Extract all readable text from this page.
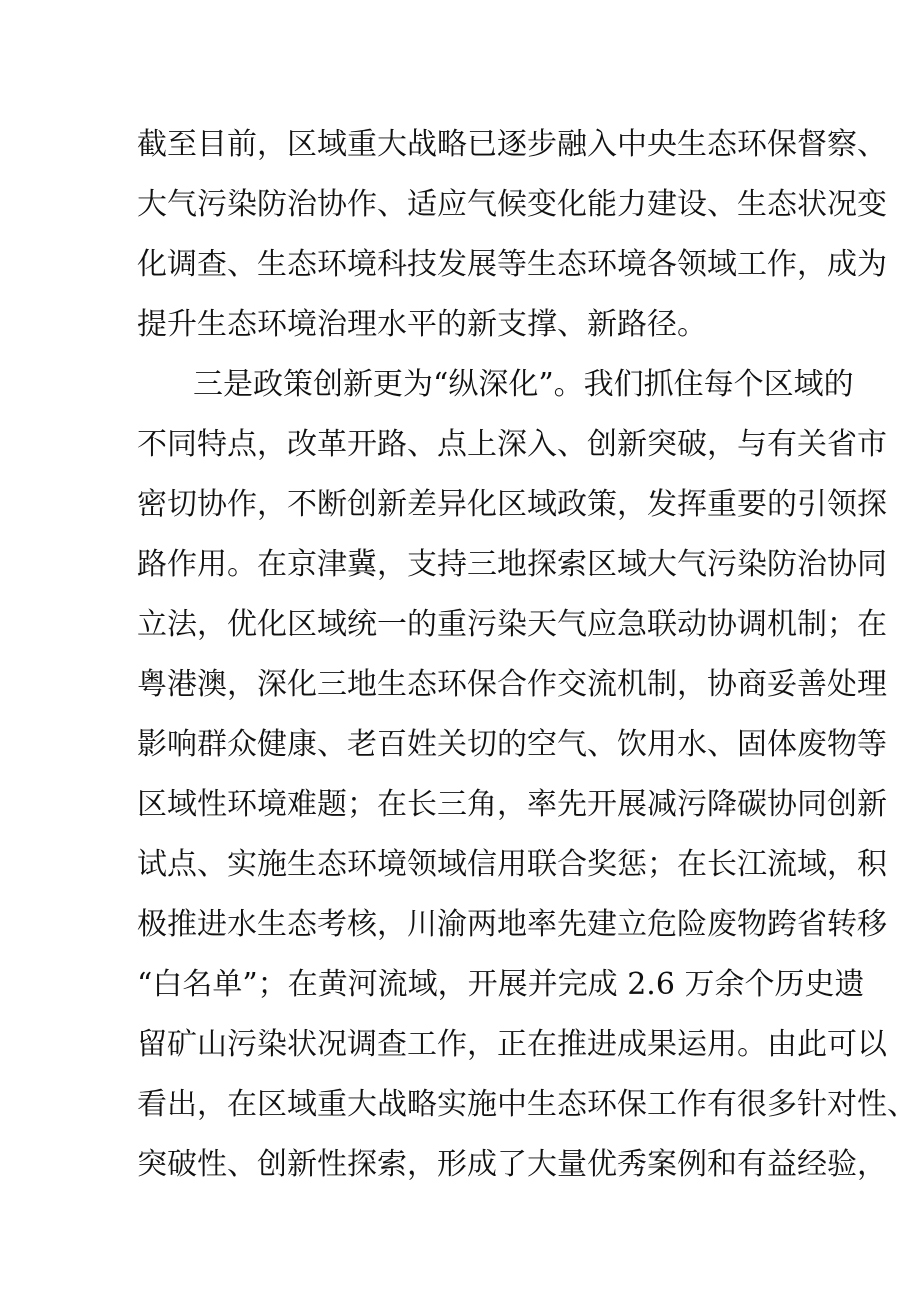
截至目前，区域重大战略已逐步融入中央生态环保督察、
大气污染防治协作、适应气候变化能力建设、生态状况变
化调查、生态环境科技发展等生态环境各领域工作，成为
提升生态环境治理水平的新支撑、新路径。
三是政策创新更为“纵深化”。我们抓住每个区域的
不同特点，改革开路、点上深入、创新突破，与有关省市
密切协作，不断创新差异化区域政策，发挥重要的引领探
路作用。在京津冀，支持三地探索区域大气污染防治协同
立法，优化区域统一的重污染天气应急联动协调机制；在
粤港澳，深化三地生态环保合作交流机制，协商妥善处理
影响群众健康、老百姓关切的空气、饮用水、固体废物等
区域性环境难题；在长三角，率先开展减污降碳协同创新
试点、实施生态环境领域信用联合奖惩；在长江流域，积
极推进水生态考核，川渝两地率先建立危险废物跨省转移
“白名单”；在黄河流域，开展并完成 2.6 万余个历史遗
留矿山污染状况调查工作，正在推进成果运用。由此可以
看出，在区域重大战略实施中生态环保工作有很多针对性、
突破性、创新性探索，形成了大量优秀案例和有益经验，
